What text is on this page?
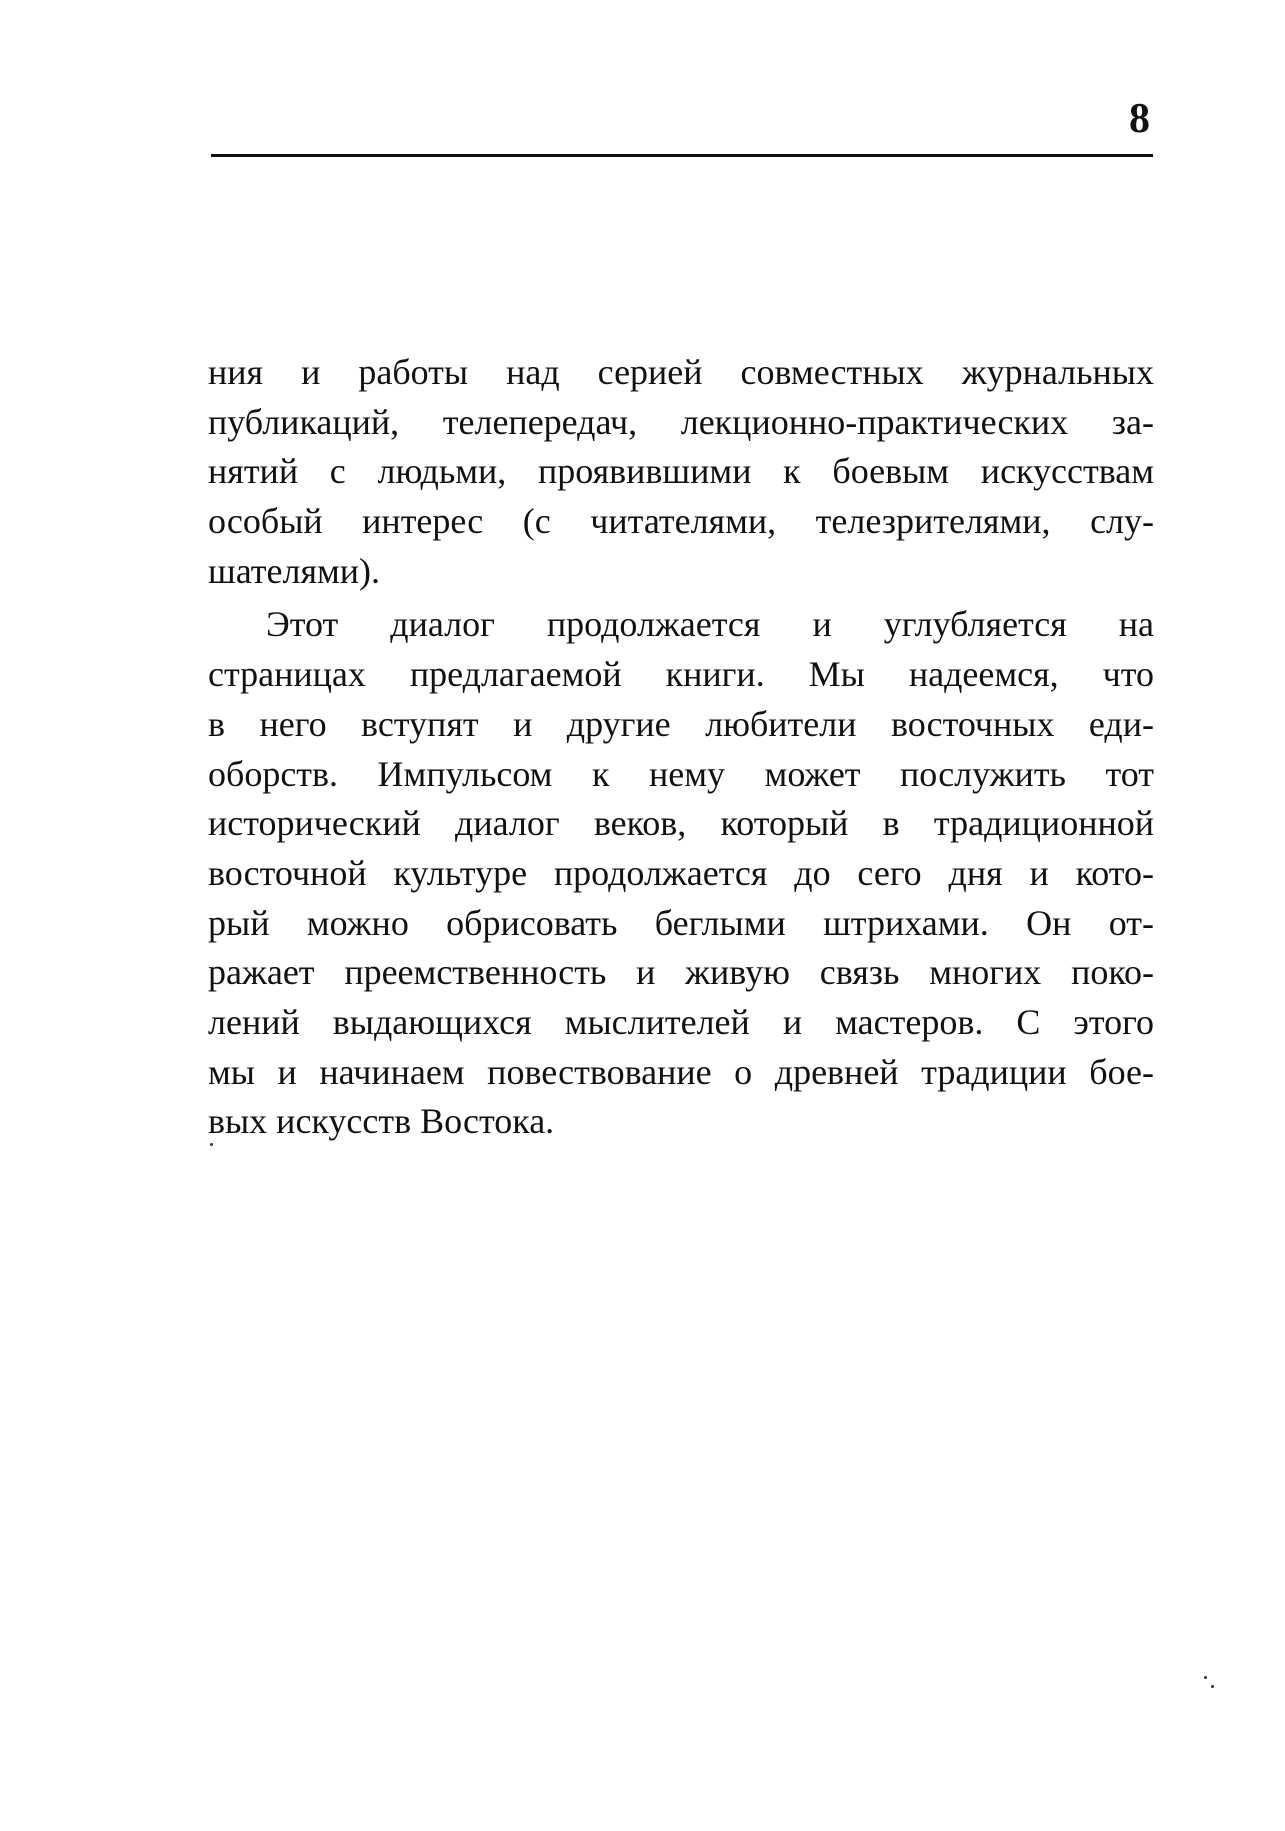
8
ния и работы над серией совместных журнальных
публикаций, телепередач, лекционно-практических за-
нятий с людьми, проявившими к боевым искусствам
особый интерес (с читателями, телезрителями, слу-
шателями).
Этот диалог продолжается и углубляется на
страницах предлагаемой книги. Мы надеемся, что
в него вступят и другие любители восточных еди-
оборств. Импульсом к нему может послужить тот
исторический диалог веков, который в традиционной
восточной культуре продолжается до сего дня и кото-
рый можно обрисовать беглыми штрихами. Он от-
ражает преемственность и живую связь многих поко-
лений выдающихся мыслителей и мастеров. С этого
мы и начинаем повествование о древней традиции бое-
вых искусств Востока.
